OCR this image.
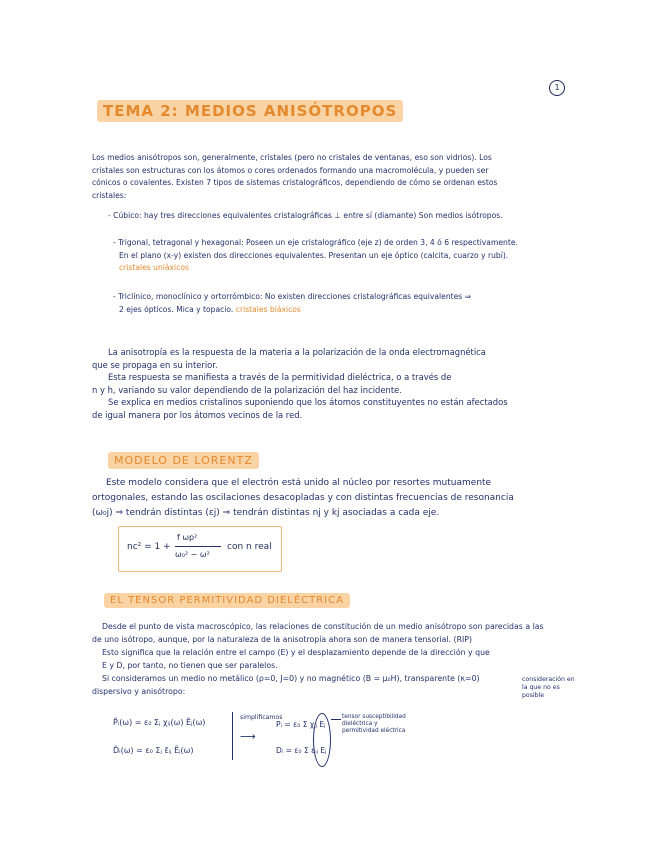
1
TEMA 2: MEDIOS ANISÓTROPOS
Los medios anisótropos son, generalmente, cristales (pero no cristales de ventanas, eso son vidrios). Los
cristales son estructuras con los átomos o cores ordenados formando una macromolécula, y pueden ser
cónicos o covalentes. Existen 7 tipos de sistemas cristalográficos, dependiendo de cómo se ordenan estos
cristales:
- Cúbico: hay tres direcciones equivalentes cristalográficas ⊥ entre sí (diamante) Son medios isótropos.
- Trigonal, tetragonal y hexagonal: Poseen un eje cristalográfico (eje z) de orden 3, 4 ó 6 respectivamente.
En el plano (x-y) existen dos direcciones equivalentes. Presentan un eje óptico (calcita, cuarzo y rubí).
cristales uniáxicos
- Triclínico, monoclínico y ortorrómbico: No existen direcciones cristalográficas equivalentes ⇒
2 ejes ópticos. Mica y topacio. cristales biáxicos
La anisotropía es la respuesta de la materia a la polarización de la onda electromagnética
que se propaga en su interior.
Esta respuesta se manifiesta a través de la permitividad dieléctrica, o a través de
n y h, variando su valor dependiendo de la polarización del haz incidente.
Se explica en medios cristalinos suponiendo que los átomos constituyentes no están afectados
de igual manera por los átomos vecinos de la red.
MODELO DE LORENTZ
Este modelo considera que el electrón está unido al núcleo por resortes mutuamente
ortogonales, estando las oscilaciones desacopladas y con distintas frecuencias de resonancia
(ω₀j) ⇒ tendrán distintas (εj) ⇒ tendrán distintas nj y kj asociadas a cada eje.
nc² = 1 +
f ωp²
ω₀² − ω²
con n real
EL TENSOR PERMITIVIDAD DIELÉCTRICA
Desde el punto de vista macroscópico, las relaciones de constitución de un medio anisótropo son parecidas a las
de uno isótropo, aunque, por la naturaleza de la anisotropía ahora son de manera tensorial. (RIP)
Esto significa que la relación entre el campo (E) y el desplazamiento depende de la dirección y que
E y D, por tanto, no tienen que ser paralelos.
Si consideramos un medio no metálico (ρ=0, J=0) y no magnético (B = μ₀H), transparente (κ=0)
dispersivo y anisótropo:
consideración en la que no es posible
P̃ᵢ(ω) = ε₀ Σⱼ χᵢⱼ(ω) Ẽⱼ(ω)
D̃ᵢ(ω) = ε₀ Σⱼ ε̃ᵢⱼ Ẽⱼ(ω)
simplificamos
⟶
Pᵢ = ε₀ Σ χᵢⱼ Eⱼ
Dᵢ = ε₀ Σ εᵢⱼ Eⱼ
tensor susceptibilidad dieléctrica y permitividad eléctrica
